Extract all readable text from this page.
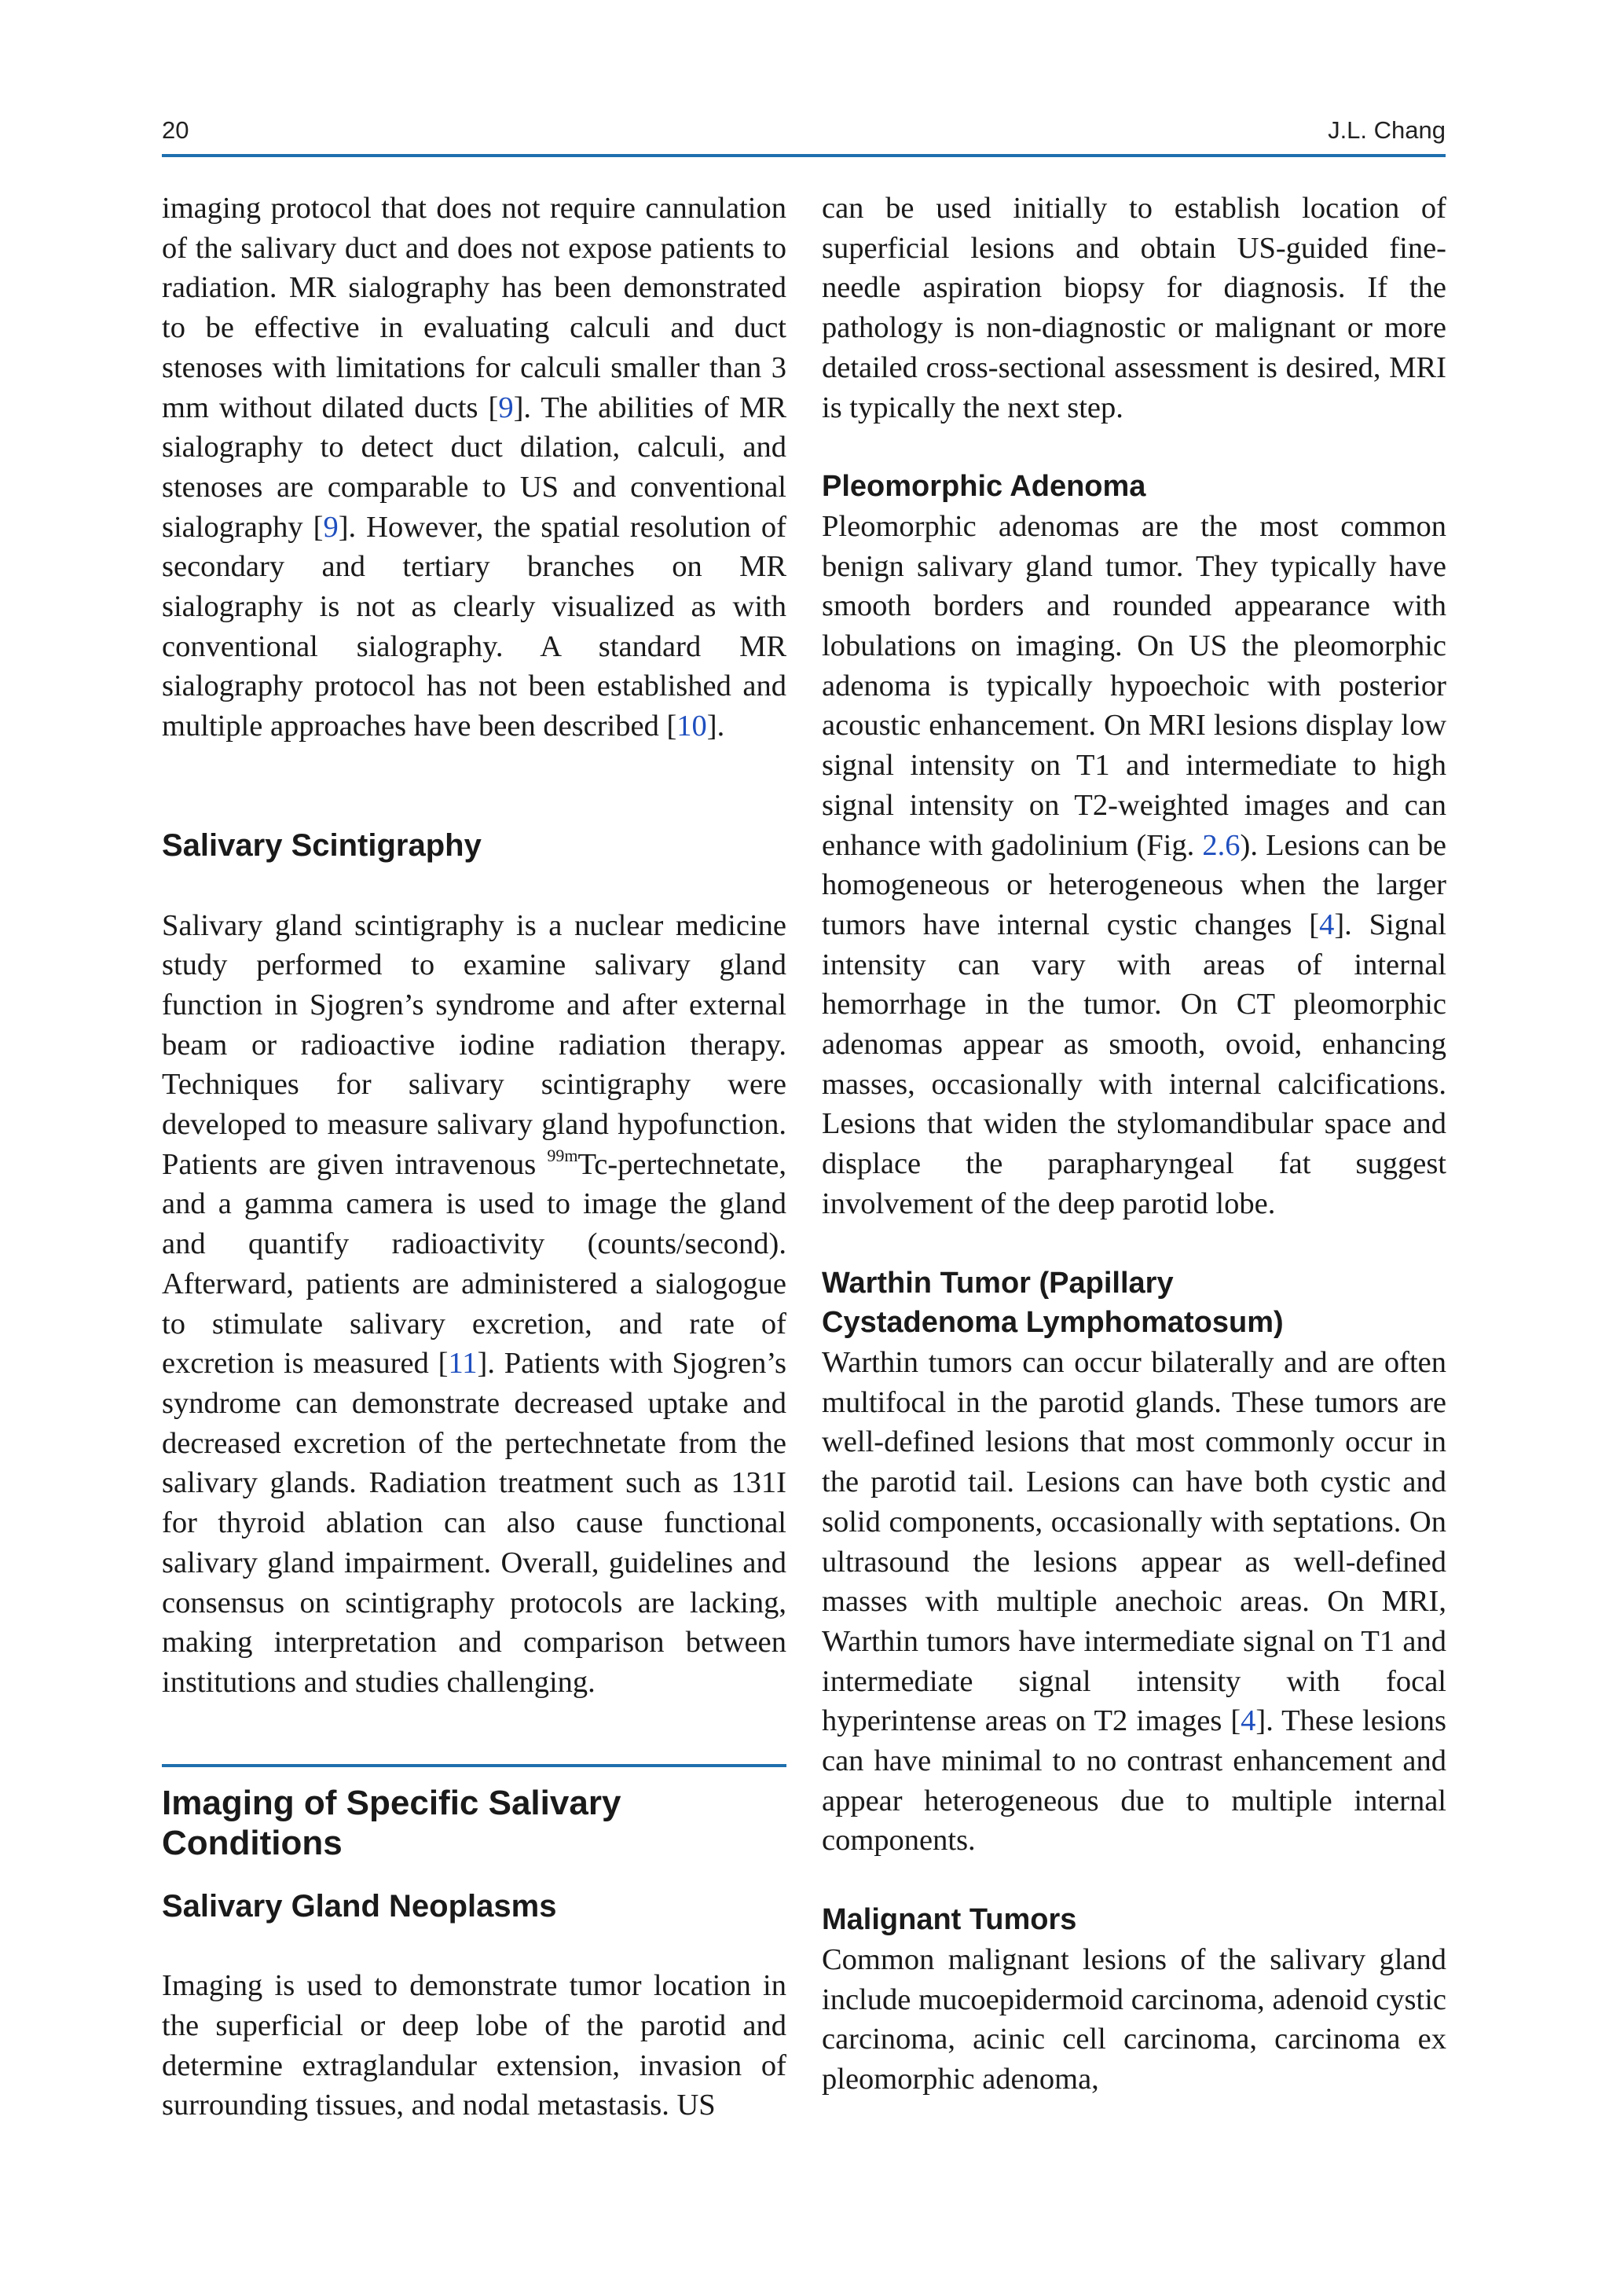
20	J.L. Chang

imaging protocol that does not require cannulation of the salivary duct and does not expose patients to radiation. MR sialography has been demonstrated to be effective in evaluating calculi and duct stenoses with limitations for calculi smaller than 3 mm without dilated ducts [9]. The abilities of MR sialography to detect duct dilation, calculi, and stenoses are comparable to US and conventional sialography [9]. However, the spatial resolution of secondary and tertiary branches on MR sialography is not as clearly visualized as with conventional sialography. A standard MR sialography protocol has not been established and multiple approaches have been described [10].

Salivary Scintigraphy

Salivary gland scintigraphy is a nuclear medicine study performed to examine salivary gland function in Sjogren’s syndrome and after external beam or radioactive iodine radiation therapy. Techniques for salivary scintigraphy were developed to measure salivary gland hypofunction. Patients are given intravenous $^{99m}$Tc-pertechnetate, and a gamma camera is used to image the gland and quantify radioactivity (counts/second). Afterward, patients are administered a sialogogue to stimulate salivary excretion, and rate of excretion is measured [11]. Patients with Sjogren’s syndrome can demonstrate decreased uptake and decreased excretion of the pertechnetate from the salivary glands. Radiation treatment such as 131I for thyroid ablation can also cause functional salivary gland impairment. Overall, guidelines and consensus on scintigraphy protocols are lacking, making interpretation and comparison between institutions and studies challenging.

Imaging of Specific Salivary Conditions
Salivary Gland Neoplasms

Imaging is used to demonstrate tumor location in the superficial or deep lobe of the parotid and determine extraglandular extension, invasion of surrounding tissues, and nodal metastasis. US

can be used initially to establish location of superficial lesions and obtain US-guided fine-needle aspiration biopsy for diagnosis. If the pathology is non-diagnostic or malignant or more detailed cross-sectional assessment is desired, MRI is typically the next step.

Pleomorphic Adenoma

Pleomorphic adenomas are the most common benign salivary gland tumor. They typically have smooth borders and rounded appearance with lobulations on imaging. On US the pleomorphic adenoma is typically hypoechoic with posterior acoustic enhancement. On MRI lesions display low signal intensity on T1 and intermediate to high signal intensity on T2-weighted images and can enhance with gadolinium (Fig. 2.6). Lesions can be homogeneous or heterogeneous when the larger tumors have internal cystic changes [4]. Signal intensity can vary with areas of internal hemorrhage in the tumor. On CT pleomorphic adenomas appear as smooth, ovoid, enhancing masses, occasionally with internal calcifications. Lesions that widen the stylomandibular space and displace the parapharyngeal fat suggest involvement of the deep parotid lobe.

Warthin Tumor (Papillary Cystadenoma Lymphomatosum)

Warthin tumors can occur bilaterally and are often multifocal in the parotid glands. These tumors are well-defined lesions that most commonly occur in the parotid tail. Lesions can have both cystic and solid components, occasionally with septations. On ultrasound the lesions appear as well-defined masses with multiple anechoic areas. On MRI, Warthin tumors have intermediate signal on T1 and intermediate signal intensity with focal hyperintense areas on T2 images [4]. These lesions can have minimal to no contrast enhancement and appear heterogeneous due to multiple internal components.

Malignant Tumors

Common malignant lesions of the salivary gland include mucoepidermoid carcinoma, adenoid cystic carcinoma, acinic cell carcinoma, carcinoma ex pleomorphic adenoma,
